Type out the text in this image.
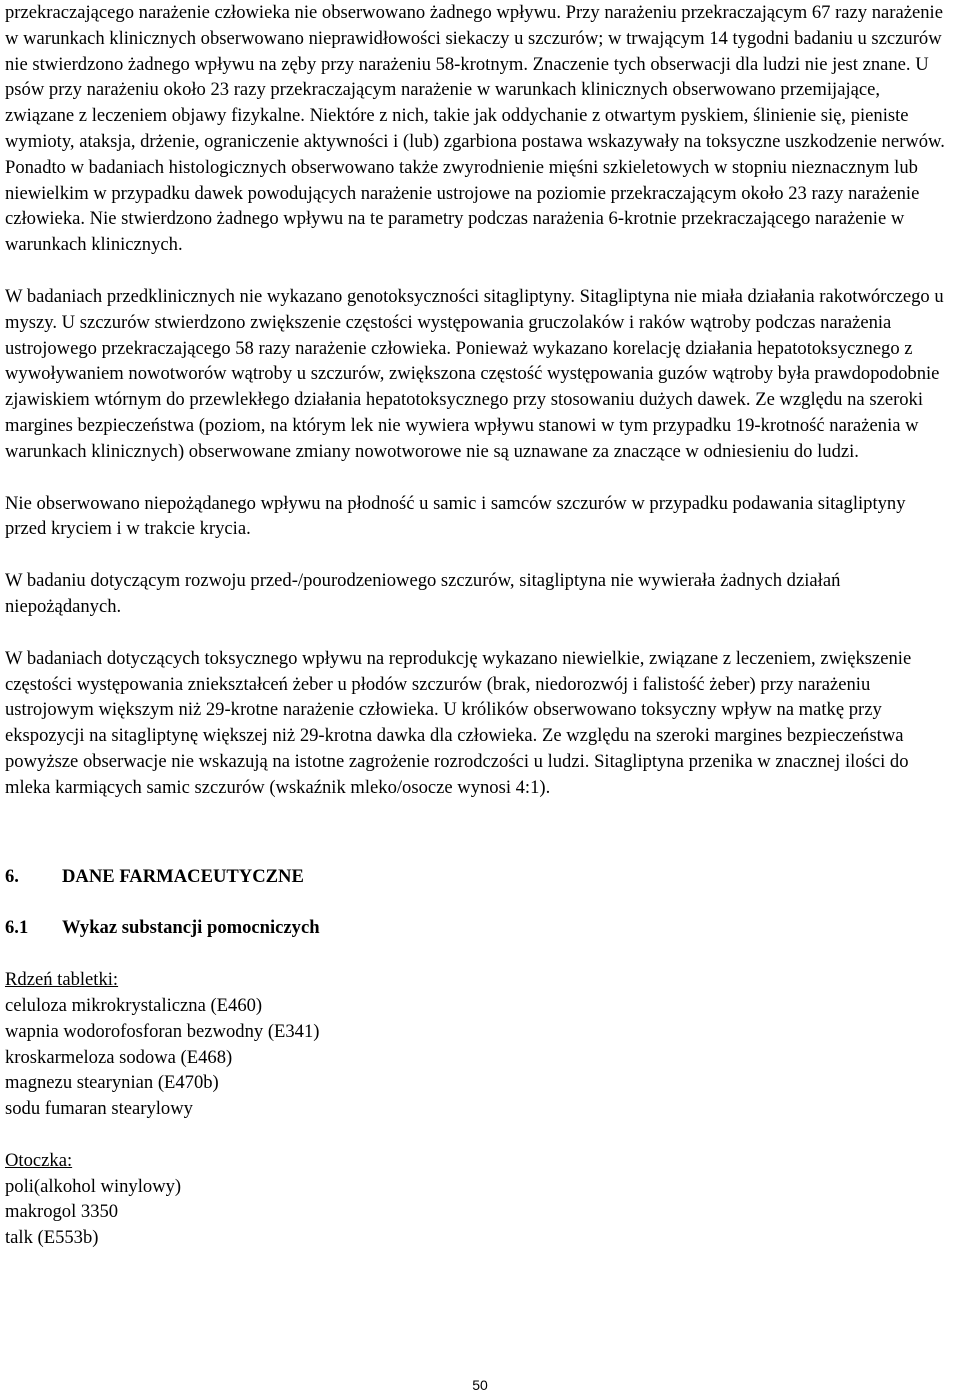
przekraczającego narażenie człowieka nie obserwowano żadnego wpływu. Przy narażeniu przekraczającym 67 razy narażenie w warunkach klinicznych obserwowano nieprawidłowości siekaczy u szczurów; w trwającym 14 tygodni badaniu u szczurów nie stwierdzono żadnego wpływu na zęby przy narażeniu 58-krotnym. Znaczenie tych obserwacji dla ludzi nie jest znane. U psów przy narażeniu około 23 razy przekraczającym narażenie w warunkach klinicznych obserwowano przemijające, związane z leczeniem objawy fizykalne. Niektóre z nich, takie jak oddychanie z otwartym pyskiem, ślinienie się, pieniste wymioty, ataksja, drżenie, ograniczenie aktywności i (lub) zgarbiona postawa wskazywały na toksyczne uszkodzenie nerwów. Ponadto w badaniach histologicznych obserwowano także zwyrodnienie mięśni szkieletowych w stopniu nieznacznym lub niewielkim w przypadku dawek powodujących narażenie ustrojowe na poziomie przekraczającym około 23 razy narażenie człowieka. Nie stwierdzono żadnego wpływu na te parametry podczas narażenia 6-krotnie przekraczającego narażenie w warunkach klinicznych.

W badaniach przedklinicznych nie wykazano genotoksyczności sitagliptyny. Sitagliptyna nie miała działania rakotwórczego u myszy. U szczurów stwierdzono zwiększenie częstości występowania gruczolaków i raków wątroby podczas narażenia ustrojowego przekraczającego 58 razy narażenie człowieka. Ponieważ wykazano korelację działania hepatotoksycznego z wywoływaniem nowotworów wątroby u szczurów, zwiększona częstość występowania guzów wątroby była prawdopodobnie zjawiskiem wtórnym do przewlekłego działania hepatotoksycznego przy stosowaniu dużych dawek. Ze względu na szeroki margines bezpieczeństwa (poziom, na którym lek nie wywiera wpływu stanowi w tym przypadku 19-krotność narażenia w warunkach klinicznych) obserwowane zmiany nowotworowe nie są uznawane za znaczące w odniesieniu do ludzi.

Nie obserwowano niepożądanego wpływu na płodność u samic i samców szczurów w przypadku podawania sitagliptyny przed kryciem i w trakcie krycia.

W badaniu dotyczącym rozwoju przed-/pourodzeniowego szczurów, sitagliptyna nie wywierała żadnych działań niepożądanych.

W badaniach dotyczących toksycznego wpływu na reprodukcję wykazano niewielkie, związane z leczeniem, zwiększenie częstości występowania zniekształceń żeber u płodów szczurów (brak, niedorozwój i falistość żeber) przy narażeniu ustrojowym większym niż 29-krotne narażenie człowieka. U królików obserwowano toksyczny wpływ na matkę przy ekspozycji na sitagliptynę większej niż 29-krotna dawka dla człowieka. Ze względu na szeroki margines bezpieczeństwa powyższe obserwacje nie wskazują na istotne zagrożenie rozrodczości u ludzi. Sitagliptyna przenika w znacznej ilości do mleka karmiących samic szczurów (wskaźnik mleko/osocze wynosi 4:1).

6. DANE FARMACEUTYCZNE

6.1 Wykaz substancji pomocniczych

Rdzeń tabletki:

celuloza mikrokrystaliczna (E460)

wapnia wodorofosforan bezwodny (E341)

kroskarmeloza sodowa (E468)

magnezu stearynian (E470b)

sodu fumaran stearylowy

Otoczka:

poli(alkohol winylowy)

makrogol 3350

talk (E553b)

50
